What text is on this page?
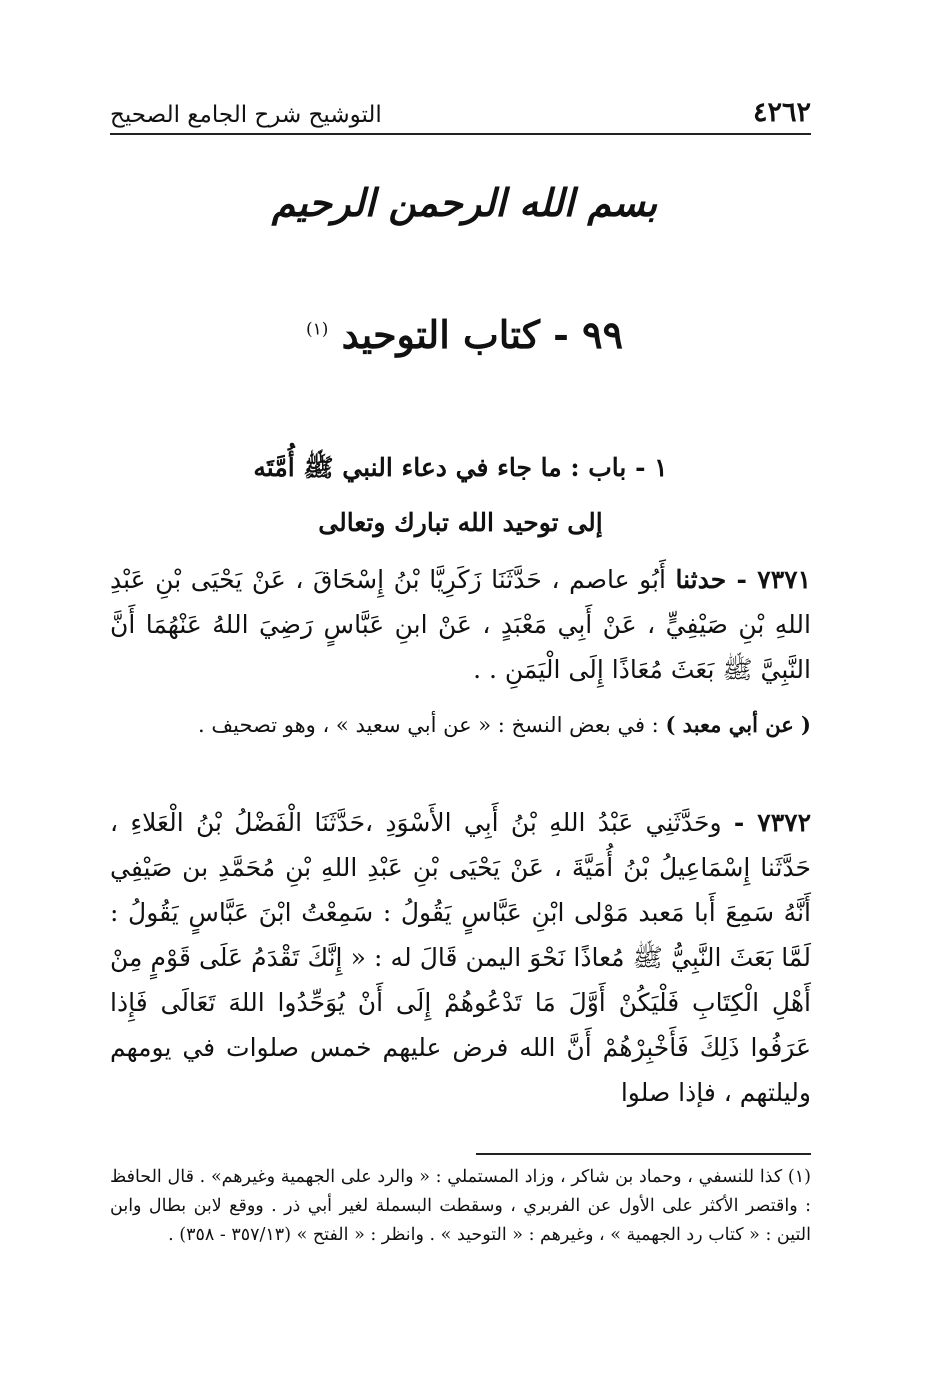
٤٢٦٢
التوشيح شرح الجامع الصحيح
بسم الله الرحمن الرحيم
٩٩ - كتاب التوحيد $^{(١)}$
١ - باب : ما جاء في دعاء النبي ﷺ أُمَّتَه
إلى توحيد الله تبارك وتعالى
٧٣٧١ - حدثنا أَبُو عاصم ، حَدَّثَنَا زَكَرِيَّا بْنُ إِسْحَاقَ ، عَنْ يَحْيَى بْنِ عَبْدِ اللهِ بْنِ صَيْفِيٍّ ، عَنْ أَبِي مَعْبَدٍ ، عَنْ ابنِ عَبَّاسٍ رَضِيَ اللهُ عَنْهُمَا أَنَّ النَّبِيَّ ﷺ بَعَثَ مُعَاذًا إِلَى الْيَمَنِ . .
( عن أبي معبد ) : في بعض النسخ : « عن أبي سعيد » ، وهو تصحيف .
٧٣٧٢ - وحَدَّثَنِي عَبْدُ اللهِ بْنُ أَبِي الأَسْوَدِ ،حَدَّثَنَا الْفَضْلُ بْنُ الْعَلاءِ ، حَدَّثَنا إِسْمَاعِيلُ بْنُ أُمَيَّةَ ، عَنْ يَحْيَى بْنِ عَبْدِ اللهِ بْنِ مُحَمَّدِ بن صَيْفِي أَنَّهُ سَمِعَ أَبا مَعبد مَوْلى ابْنِ عَبَّاسٍ يَقُولُ : سَمِعْتُ ابْنَ عَبَّاسٍ يَقُولُ : لَمَّا بَعَثَ النَّبِيُّ ﷺ مُعاذًا نَحْوَ اليمن قَالَ له : « إِنَّكَ تَقْدَمُ عَلَى قَوْمٍ مِنْ أَهْلِ الْكِتَابِ فَلْيَكُنْ أَوَّلَ مَا تَدْعُوهُمْ إِلَى أَنْ يُوَحِّدُوا اللهَ تَعَالَى فَإِذا عَرَفُوا ذَلِكَ فَأَخْبِرْهُمْ أَنَّ الله فرض عليهم خمس صلوات في يومهم وليلتهم ، فإذا صلوا
(١) كذا للنسفي ، وحماد بن شاكر ، وزاد المستملي : « والرد على الجهمية وغيرهم» . قال الحافظ : واقتصر الأكثر على الأول عن الفربري ، وسقطت البسملة لغير أبي ذر . ووقع لابن بطال وابن التين : « كتاب رد الجهمية » ، وغيرهم : « التوحيد » . وانظر : « الفتح » (٣٥٧/١٣ - ٣٥٨) .
